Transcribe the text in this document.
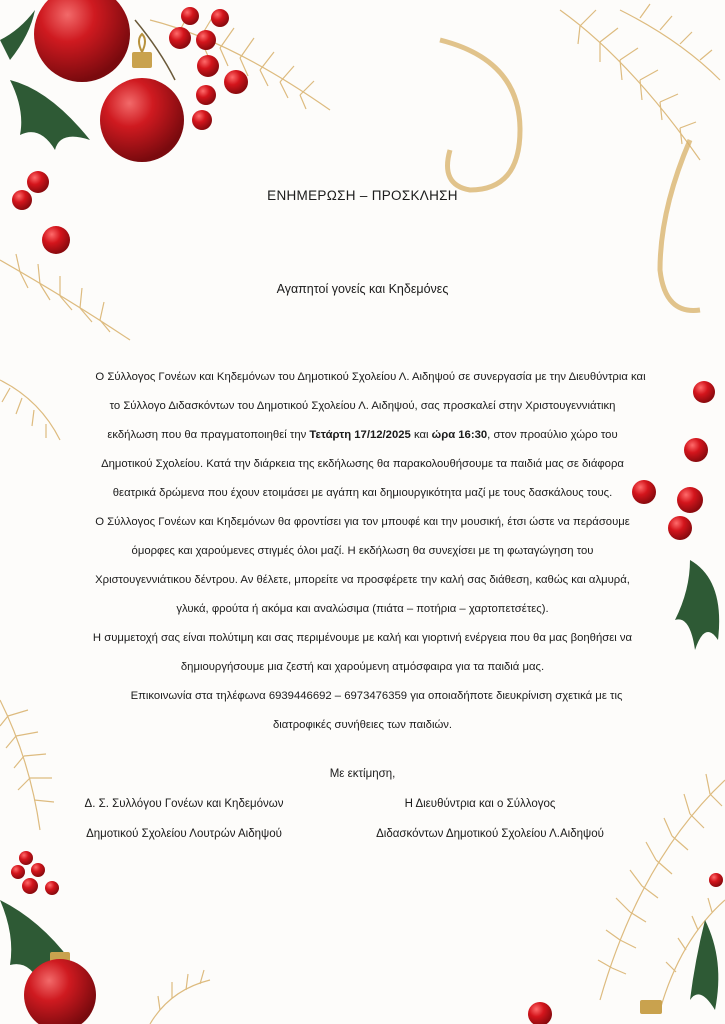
ΕΝΗΜΕΡΩΣΗ – ΠΡΟΣΚΛΗΣΗ
Αγαπητοί γονείς και Κηδεμόνες
Ο Σύλλογος Γονέων και Κηδεμόνων του Δημοτικού Σχολείου Λ. Αιδηψού σε συνεργασία με την Διευθύντρια και
το Σύλλογο Διδασκόντων του Δημοτικού Σχολείου Λ. Αιδηψού, σας προσκαλεί στην Χριστουγεννιάτικη
εκδήλωση που θα πραγματοποιηθεί την Τετάρτη 17/12/2025 και ώρα 16:30, στον προαύλιο χώρο του
Δημοτικού Σχολείου. Κατά την διάρκεια της εκδήλωσης θα παρακολουθήσουμε τα παιδιά μας σε διάφορα
θεατρικά δρώμενα που έχουν ετοιμάσει με αγάπη και δημιουργικότητα μαζί με τους δασκάλους τους.
Ο Σύλλογος Γονέων και Κηδεμόνων θα φροντίσει για τον μπουφέ και την μουσική, έτσι ώστε να περάσουμε
όμορφες και χαρούμενες στιγμές όλοι μαζί. Η εκδήλωση θα συνεχίσει με τη φωταγώγηση του
Χριστουγεννιάτικου δέντρου. Αν θέλετε, μπορείτε να προσφέρετε την καλή σας διάθεση, καθώς και αλμυρά,
γλυκά, φρούτα ή ακόμα και αναλώσιμα (πιάτα – ποτήρια – χαρτοπετσέτες).
Η συμμετοχή σας είναι πολύτιμη και σας περιμένουμε με καλή και γιορτινή ενέργεια που θα μας βοηθήσει να
δημιουργήσουμε μια ζεστή και χαρούμενη ατμόσφαιρα για τα παιδιά μας.
Επικοινωνία στα τηλέφωνα 6939446692 – 6973476359 για οποιαδήποτε διευκρίνιση σχετικά με τις
διατροφικές συνήθειες των παιδιών.
Με εκτίμηση,
Δ. Σ. Συλλόγου Γονέων και Κηδεμόνων
Δημοτικού Σχολείου Λουτρών Αιδηψού
Η Διευθύντρια και ο Σύλλογος
Διδασκόντων Δημοτικού Σχολείου Λ.Αιδηψού
